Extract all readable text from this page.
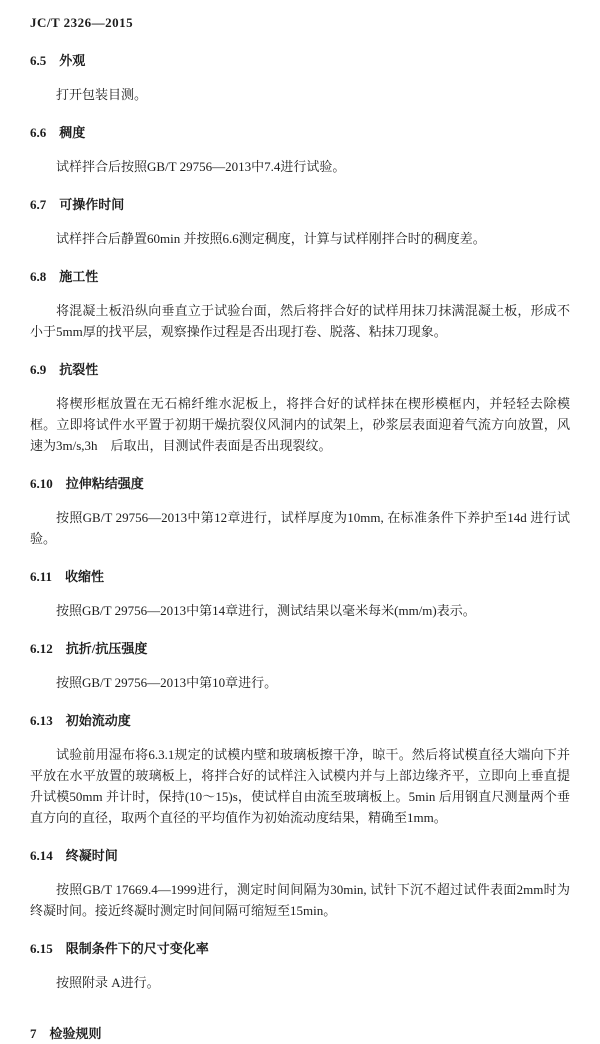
JC/T 2326—2015
6.5 外观

打开包装目测。

6.6 稠度

试样拌合后按照GB/T 29756—2013中7.4进行试验。

6.7 可操作时间

试样拌合后静置60min 并按照6.6测定稠度，计算与试样刚拌合时的稠度差。

6.8 施工性

将混凝土板沿纵向垂直立于试验台面，然后将拌合好的试样用抹刀抹满混凝土板，形成不小于5mm厚的找平层，观察操作过程是否出现打卷、脱落、粘抹刀现象。

6.9 抗裂性

将楔形框放置在无石棉纤维水泥板上，将拌合好的试样抹在楔形模框内，并轻轻去除模框。立即将试件水平置于初期干燥抗裂仪风洞内的试架上，砂浆层表面迎着气流方向放置，风速为3m/s,3h　后取出，目测试件表面是否出现裂纹。

6.10 拉伸粘结强度

按照GB/T 29756—2013中第12章进行，试样厚度为10mm, 在标准条件下养护至14d 进行试验。

6.11 收缩性

按照GB/T 29756—2013中第14章进行，测试结果以毫米每米(mm/m)表示。

6.12 抗折/抗压强度

按照GB/T 29756—2013中第10章进行。

6.13 初始流动度

试验前用湿布将6.3.1规定的试模内壁和玻璃板擦干净，晾干。然后将试模直径大端向下并平放在水平放置的玻璃板上，将拌合好的试样注入试模内并与上部边缘齐平，立即向上垂直提升试模50mm 并计时，保持(10～15)s，使试样自由流至玻璃板上。5min 后用钢直尺测量两个垂直方向的直径，取两个直径的平均值作为初始流动度结果，精确至1mm。

6.14 终凝时间

按照GB/T 17669.4—1999进行，测定时间间隔为30min, 试针下沉不超过试件表面2mm时为终凝时间。接近终凝时测定时间间隔可缩短至15min。

6.15 限制条件下的尺寸变化率

按照附录 A进行。

7 检验规则
